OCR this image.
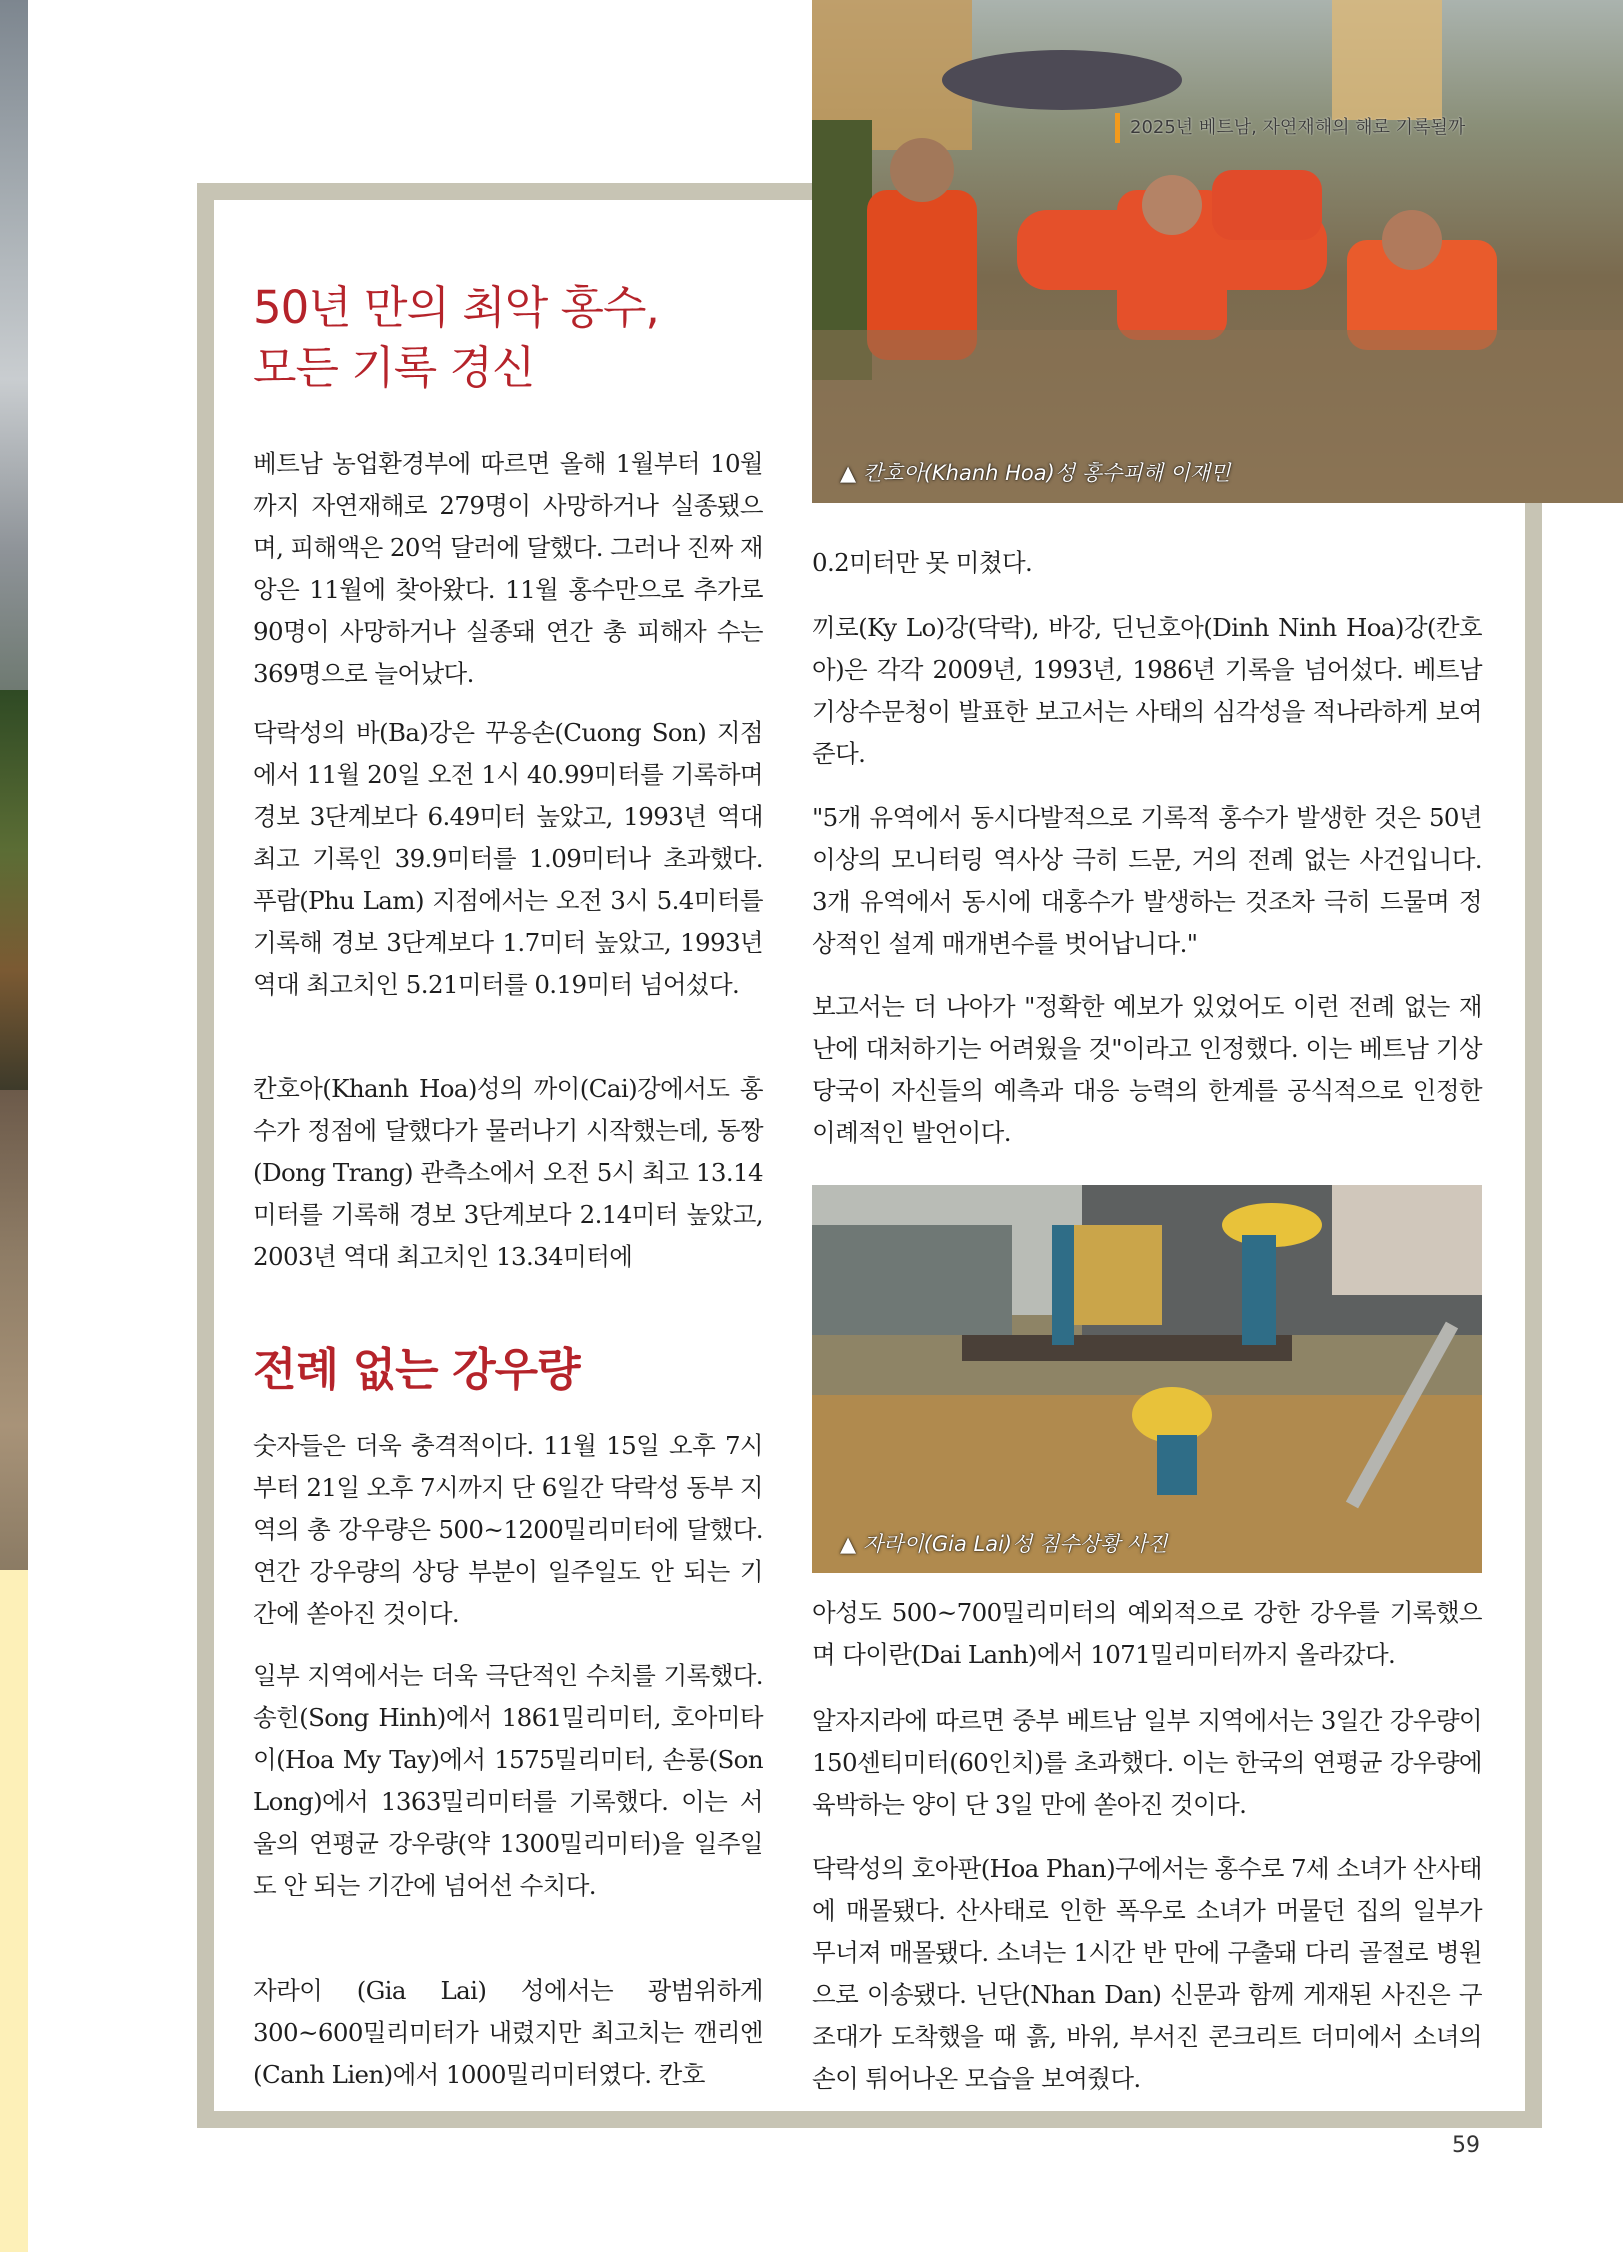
▲ 칸호아(Khanh Hoa)성 홍수피해 이재민
2025년 베트남, 자연재해의 해로 기록될까
50년 만의 최악 홍수,
모든 기록 경신
전례 없는 강우량

베트남 농업환경부에 따르면 올해 1월부터 10월까지 자연재해로 279명이 사망하거나 실종됐으며, 피해액은 20억 달러에 달했다. 그러나 진짜 재앙은 11월에 찾아왔다. 11월 홍수만으로 추가로 90명이 사망하거나 실종돼 연간 총 피해자 수는 369명으로 늘어났다.

닥락성의 바(Ba)강은 꾸옹손(Cuong Son) 지점에서 11월 20일 오전 1시 40.99미터를 기록하며 경보 3단계보다 6.49미터 높았고, 1993년 역대 최고 기록인 39.9미터를 1.09미터나 초과했다. 푸람(Phu Lam) 지점에서는 오전 3시 5.4미터를 기록해 경보 3단계보다 1.7미터 높았고, 1993년 역대 최고치인 5.21미터를 0.19미터 넘어섰다.

칸호아(Khanh Hoa)성의 까이(Cai)강에서도 홍수가 정점에 달했다가 물러나기 시작했는데, 동짱(Dong Trang) 관측소에서 오전 5시 최고 13.14미터를 기록해 경보 3단계보다 2.14미터 높았고, 2003년 역대 최고치인 13.34미터에

숫자들은 더욱 충격적이다. 11월 15일 오후 7시부터 21일 오후 7시까지 단 6일간 닥락성 동부 지역의 총 강우량은 500~1200밀리미터에 달했다. 연간 강우량의 상당 부분이 일주일도 안 되는 기간에 쏟아진 것이다.

일부 지역에서는 더욱 극단적인 수치를 기록했다. 송힌(Song Hinh)에서 1861밀리미터, 호아미타이(Hoa My Tay)에서 1575밀리미터, 손롱(Son Long)에서 1363밀리미터를 기록했다. 이는 서울의 연평균 강우량(약 1300밀리미터)을 일주일도 안 되는 기간에 넘어선 수치다.

자라이 (Gia Lai) 성에서는 광범위하게 300~600밀리미터가 내렸지만 최고치는 깬리엔(Canh Lien)에서 1000밀리미터였다. 칸호

0.2미터만 못 미쳤다.

끼로(Ky Lo)강(닥락), 바강, 딘닌호아(Dinh Ninh Hoa)강(칸호아)은 각각 2009년, 1993년, 1986년 기록을 넘어섰다. 베트남 기상수문청이 발표한 보고서는 사태의 심각성을 적나라하게 보여준다.

"5개 유역에서 동시다발적으로 기록적 홍수가 발생한 것은 50년 이상의 모니터링 역사상 극히 드문, 거의 전례 없는 사건입니다. 3개 유역에서 동시에 대홍수가 발생하는 것조차 극히 드물며 정상적인 설계 매개변수를 벗어납니다."

보고서는 더 나아가 "정확한 예보가 있었어도 이런 전례 없는 재난에 대처하기는 어려웠을 것"이라고 인정했다. 이는 베트남 기상당국이 자신들의 예측과 대응 능력의 한계를 공식적으로 인정한 이례적인 발언이다.

▲ 자라이(Gia Lai)성 침수상황 사진

아성도 500~700밀리미터의 예외적으로 강한 강우를 기록했으며 다이란(Dai Lanh)에서 1071밀리미터까지 올라갔다.

알자지라에 따르면 중부 베트남 일부 지역에서는 3일간 강우량이 150센티미터(60인치)를 초과했다. 이는 한국의 연평균 강우량에 육박하는 양이 단 3일 만에 쏟아진 것이다.

닥락성의 호아판(Hoa Phan)구에서는 홍수로 7세 소녀가 산사태에 매몰됐다. 산사태로 인한 폭우로 소녀가 머물던 집의 일부가 무너져 매몰됐다. 소녀는 1시간 반 만에 구출돼 다리 골절로 병원으로 이송됐다. 닌단(Nhan Dan) 신문과 함께 게재된 사진은 구조대가 도착했을 때 흙, 바위, 부서진 콘크리트 더미에서 소녀의 손이 튀어나온 모습을 보여줬다.

59
